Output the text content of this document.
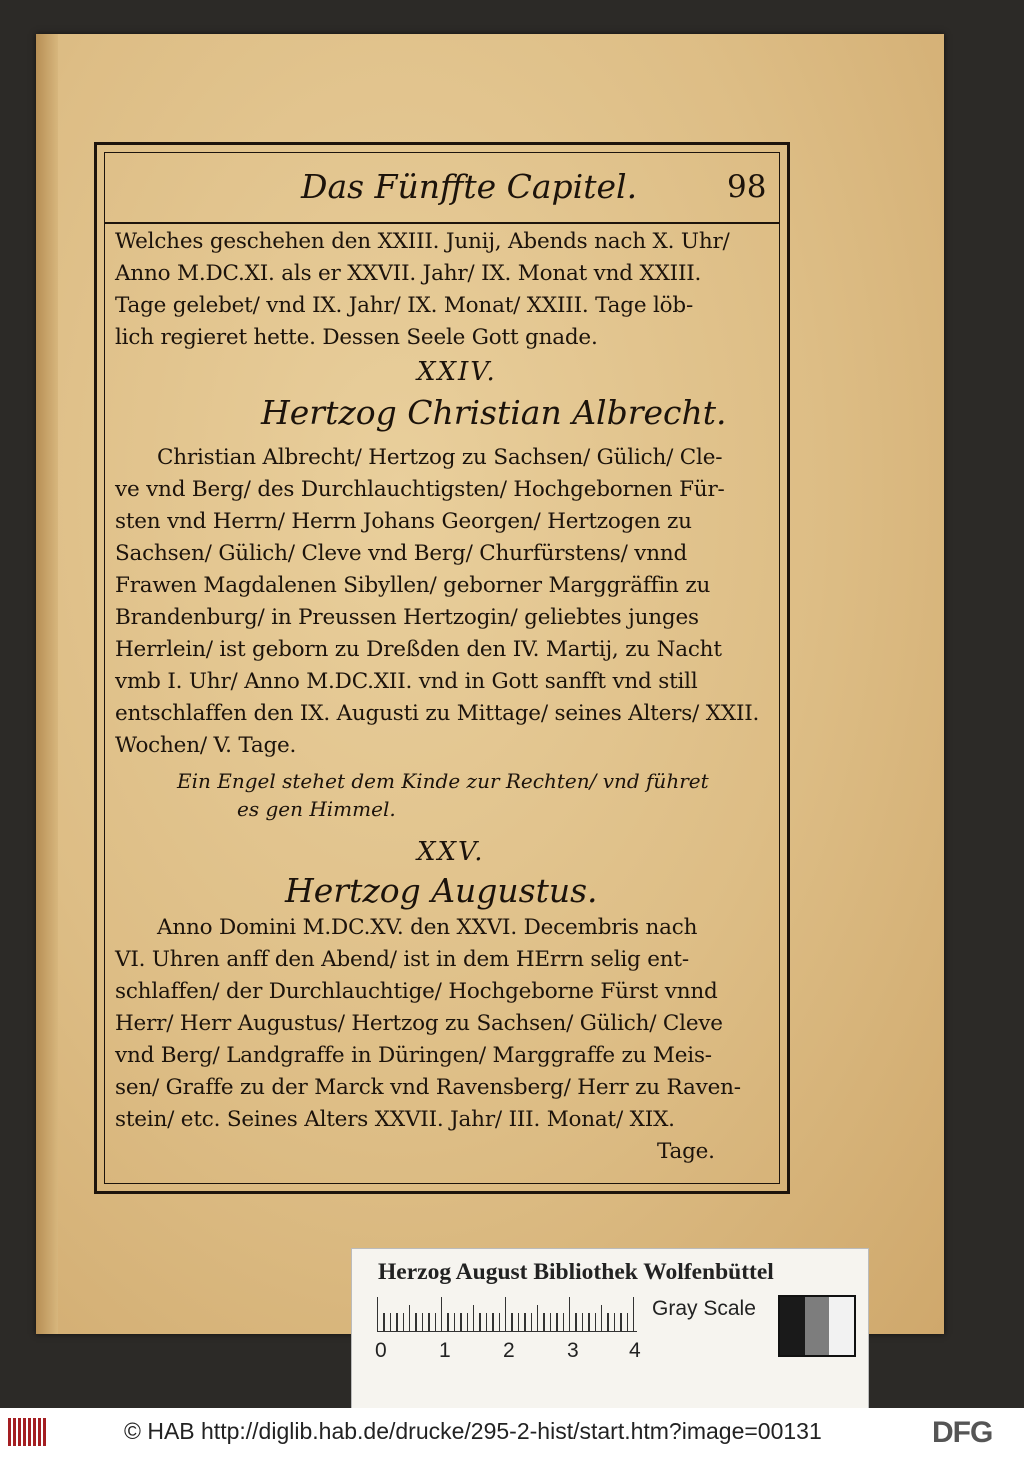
Das Fünffte Capitel.	98
Welches geschehen den XXIII. Junij, Abends nach X. Uhr/
Anno M.DC.XI. als er XXVII. Jahr/ IX. Monat vnd XXIII.
Tage gelebet/ vnd IX. Jahr/ IX. Monat/ XXIII. Tage löb-
lich regieret hette. Dessen Seele Gott gnade.
XXIV.
Hertzog Christian Albrecht.
Christian Albrecht/ Hertzog zu Sachsen/ Gülich/ Cle-
ve vnd Berg/ des Durchlauchtigsten/ Hochgebornen Für-
sten vnd Herrn/ Herrn Johans Georgen/ Hertzogen zu
Sachsen/ Gülich/ Cleve vnd Berg/ Churfürstens/ vnnd
Frawen Magdalenen Sibyllen/ geborner Marggräffin zu
Brandenburg/ in Preussen Hertzogin/ geliebtes junges
Herrlein/ ist geborn zu Dreßden den IV. Martij, zu Nacht
vmb I. Uhr/ Anno M.DC.XII. vnd in Gott sanfft vnd still
entschlaffen den IX. Augusti zu Mittage/ seines Alters/ XXII.
Wochen/ V. Tage.
Ein Engel stehet dem Kinde zur Rechten/ vnd führet
es gen Himmel.
XXV.
Hertzog Augustus.
Anno Domini M.DC.XV. den XXVI. Decembris nach
VI. Uhren anff den Abend/ ist in dem HErrn selig ent-
schlaffen/ der Durchlauchtige/ Hochgeborne Fürst vnnd
Herr/ Herr Augustus/ Hertzog zu Sachsen/ Gülich/ Cleve
vnd Berg/ Landgraffe in Düringen/ Marggraffe zu Meis-
sen/ Graffe zu der Marck vnd Ravensberg/ Herr zu Raven-
stein/ etc. Seines Alters XXVII. Jahr/ III. Monat/ XIX.
Tage.
Herzog August Bibliothek Wolfenbüttel
0 1 2 3 4
Gray Scale
© HAB http://diglib.hab.de/drucke/295-2-hist/start.htm?image=00131	DFG
